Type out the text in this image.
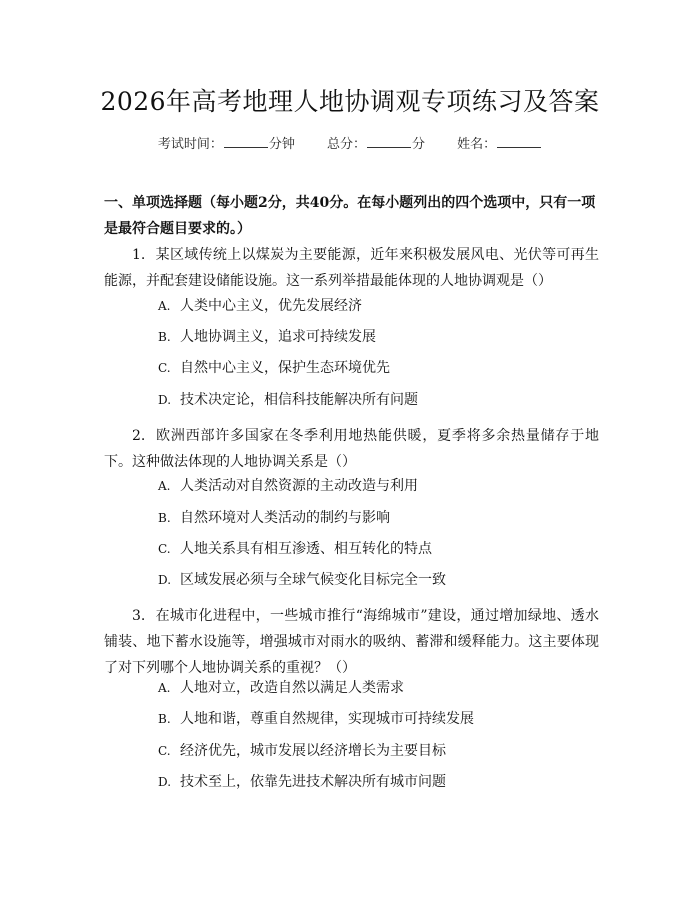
2026年高考地理人地协调观专项练习及答案
考试时间：	分钟 总分：	分 姓名：
一、单项选择题（每小题2分，共40分。在每小题列出的四个选项中，只有一项是最符合题目要求的。）
1. 某区域传统上以煤炭为主要能源，近年来积极发展风电、光伏等可再生能源，并配套建设储能设施。这一系列举措最能体现的人地协调观是（）
A. 人类中心主义，优先发展经济
B. 人地协调主义，追求可持续发展
C. 自然中心主义，保护生态环境优先
D. 技术决定论，相信科技能解决所有问题
2. 欧洲西部许多国家在冬季利用地热能供暖，夏季将多余热量储存于地下。这种做法体现的人地协调关系是（）
A. 人类活动对自然资源的主动改造与利用
B. 自然环境对人类活动的制约与影响
C. 人地关系具有相互渗透、相互转化的特点
D. 区域发展必须与全球气候变化目标完全一致
3. 在城市化进程中，一些城市推行“海绵城市”建设，通过增加绿地、透水铺装、地下蓄水设施等，增强城市对雨水的吸纳、蓄滞和缓释能力。这主要体现了对下列哪个人地协调关系的重视？（）
A. 人地对立，改造自然以满足人类需求
B. 人地和谐，尊重自然规律，实现城市可持续发展
C. 经济优先，城市发展以经济增长为主要目标
D. 技术至上，依靠先进技术解决所有城市问题
